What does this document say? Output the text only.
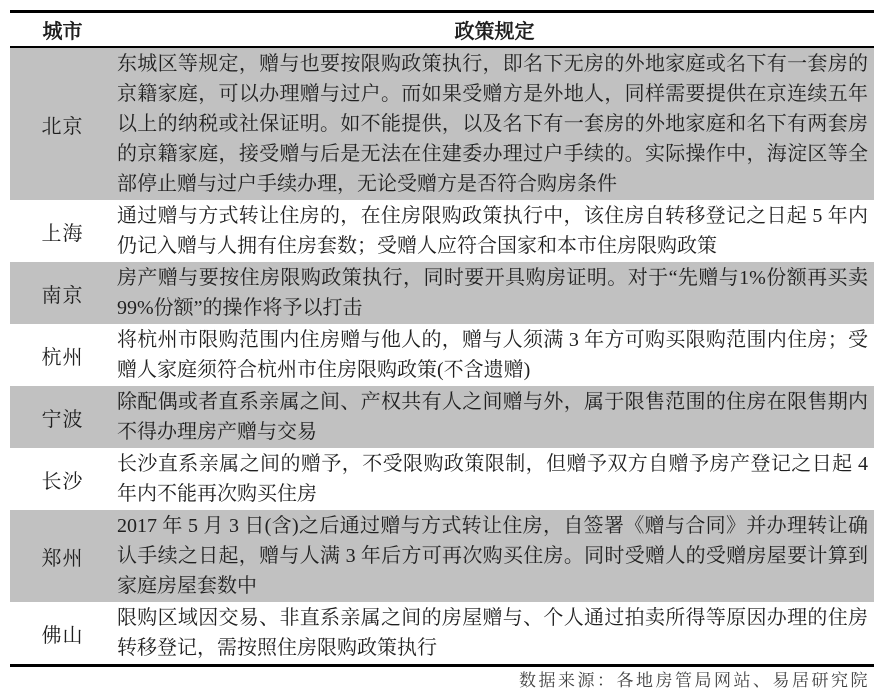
城市	政策规定
北京
东城区等规定，赠与也要按限购政策执行，即名下无房的外地家庭或名下有一套房的京籍家庭，可以办理赠与过户。而如果受赠方是外地人，同样需要提供在京连续五年以上的纳税或社保证明。如不能提供，以及名下有一套房的外地家庭和名下有两套房的京籍家庭，接受赠与后是无法在住建委办理过户手续的。实际操作中，海淀区等全部停止赠与过户手续办理，无论受赠方是否符合购房条件
上海
通过赠与方式转让住房的，在住房限购政策执行中，该住房自转移登记之日起 5 年内仍记入赠与人拥有住房套数；受赠人应符合国家和本市住房限购政策
南京
房产赠与要按住房限购政策执行，同时要开具购房证明。对于“先赠与1%份额再买卖 99%份额”的操作将予以打击
杭州
将杭州市限购范围内住房赠与他人的，赠与人须满 3 年方可购买限购范围内住房；受赠人家庭须符合杭州市住房限购政策(不含遗赠)
宁波
除配偶或者直系亲属之间、产权共有人之间赠与外，属于限售范围的住房在限售期内不得办理房产赠与交易
长沙
长沙直系亲属之间的赠予，不受限购政策限制，但赠予双方自赠予房产登记之日起 4 年内不能再次购买住房
郑州
2017 年 5 月 3 日(含)之后通过赠与方式转让住房，自签署《赠与合同》并办理转让确认手续之日起，赠与人满 3 年后方可再次购买住房。同时受赠人的受赠房屋要计算到家庭房屋套数中
佛山
限购区域因交易、非直系亲属之间的房屋赠与、个人通过拍卖所得等原因办理的住房转移登记，需按照住房限购政策执行
数据来源：各地房管局网站、易居研究院
